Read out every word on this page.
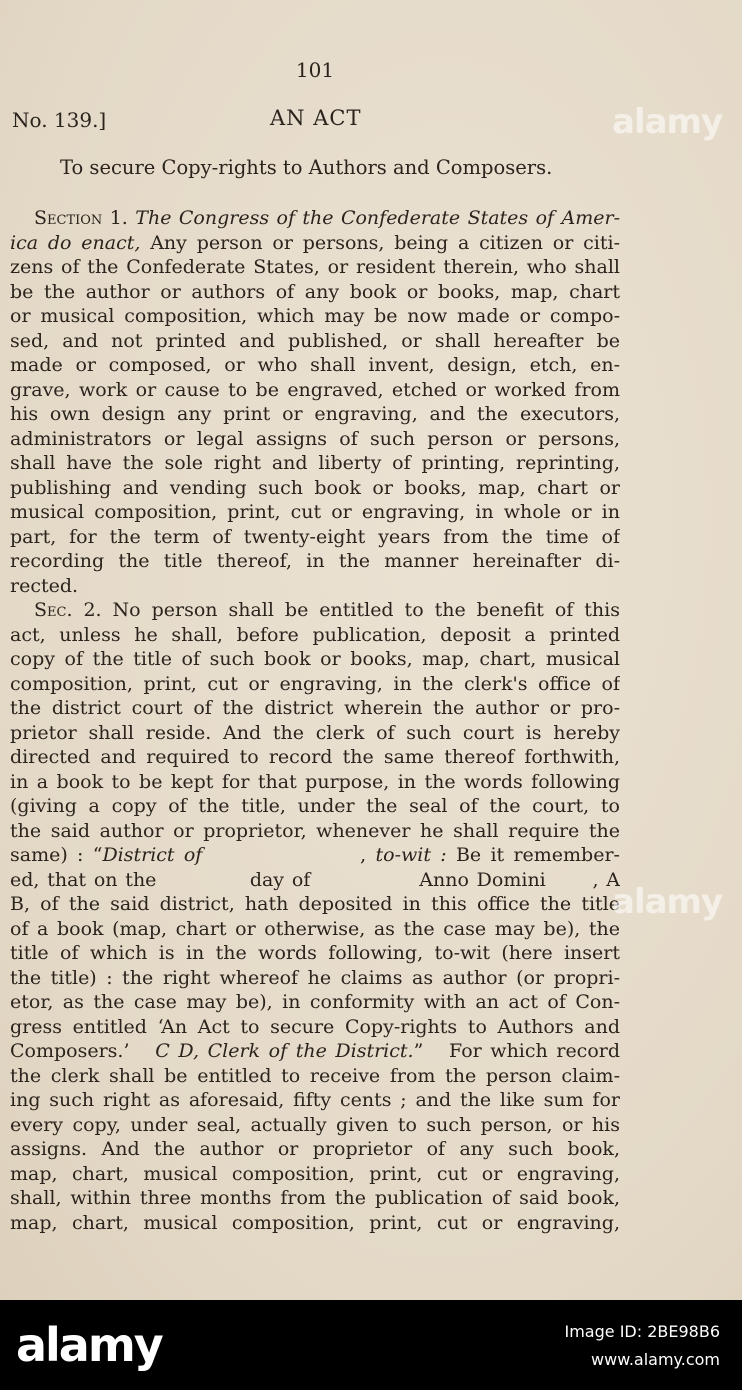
101
No. 139.]	AN ACT
To secure Copy-rights to Authors and Composers.
Section 1. The Congress of the Confederate States of Amer-
ica do enact, Any person or persons, being a citizen or citi-
zens of the Confederate States, or resident therein, who shall
be the author or authors of any book or books, map, chart
or musical composition, which may be now made or compo-
sed, and not printed and published, or shall hereafter be
made or composed, or who shall invent, design, etch, en-
grave, work or cause to be engraved, etched or worked from
his own design any print or engraving, and the executors,
administrators or legal assigns of such person or persons,
shall have the sole right and liberty of printing, reprinting,
publishing and vending such book or books, map, chart or
musical composition, print, cut or engraving, in whole or in
part, for the term of twenty-eight years from the time of
recording the title thereof, in the manner hereinafter di-
rected.
Sec. 2. No person shall be entitled to the benefit of this
act, unless he shall, before publication, deposit a printed
copy of the title of such book or books, map, chart, musical
composition, print, cut or engraving, in the clerk's office of
the district court of the district wherein the author or pro-
prietor shall reside. And the clerk of such court is hereby
directed and required to record the same thereof forthwith,
in a book to be kept for that purpose, in the words following
(giving a copy of the title, under the seal of the court, to
the said author or proprietor, whenever he shall require the
same) : “District of                 , to-wit : Be it remember-
ed, that on the            day of              Anno Domini      , A
B, of the said district, hath deposited in this office the title
of a book (map, chart or otherwise, as the case may be), the
title of which is in the words following, to-wit (here insert
the title) : the right whereof he claims as author (or propri-
etor, as the case may be), in conformity with an act of Con-
gress entitled ‘An Act to secure Copy-rights to Authors and
Composers.’   C D, Clerk of the District.”   For which record
the clerk shall be entitled to receive from the person claim-
ing such right as aforesaid, fifty cents ; and the like sum for
every copy, under seal, actually given to such person, or his
assigns. And the author or proprietor of any such book,
map, chart, musical composition, print, cut or engraving,
shall, within three months from the publication of said book,
map, chart, musical composition, print, cut or engraving,
alamy
alamy
alamy	Image ID: 2BE98B6
www.alamy.com
